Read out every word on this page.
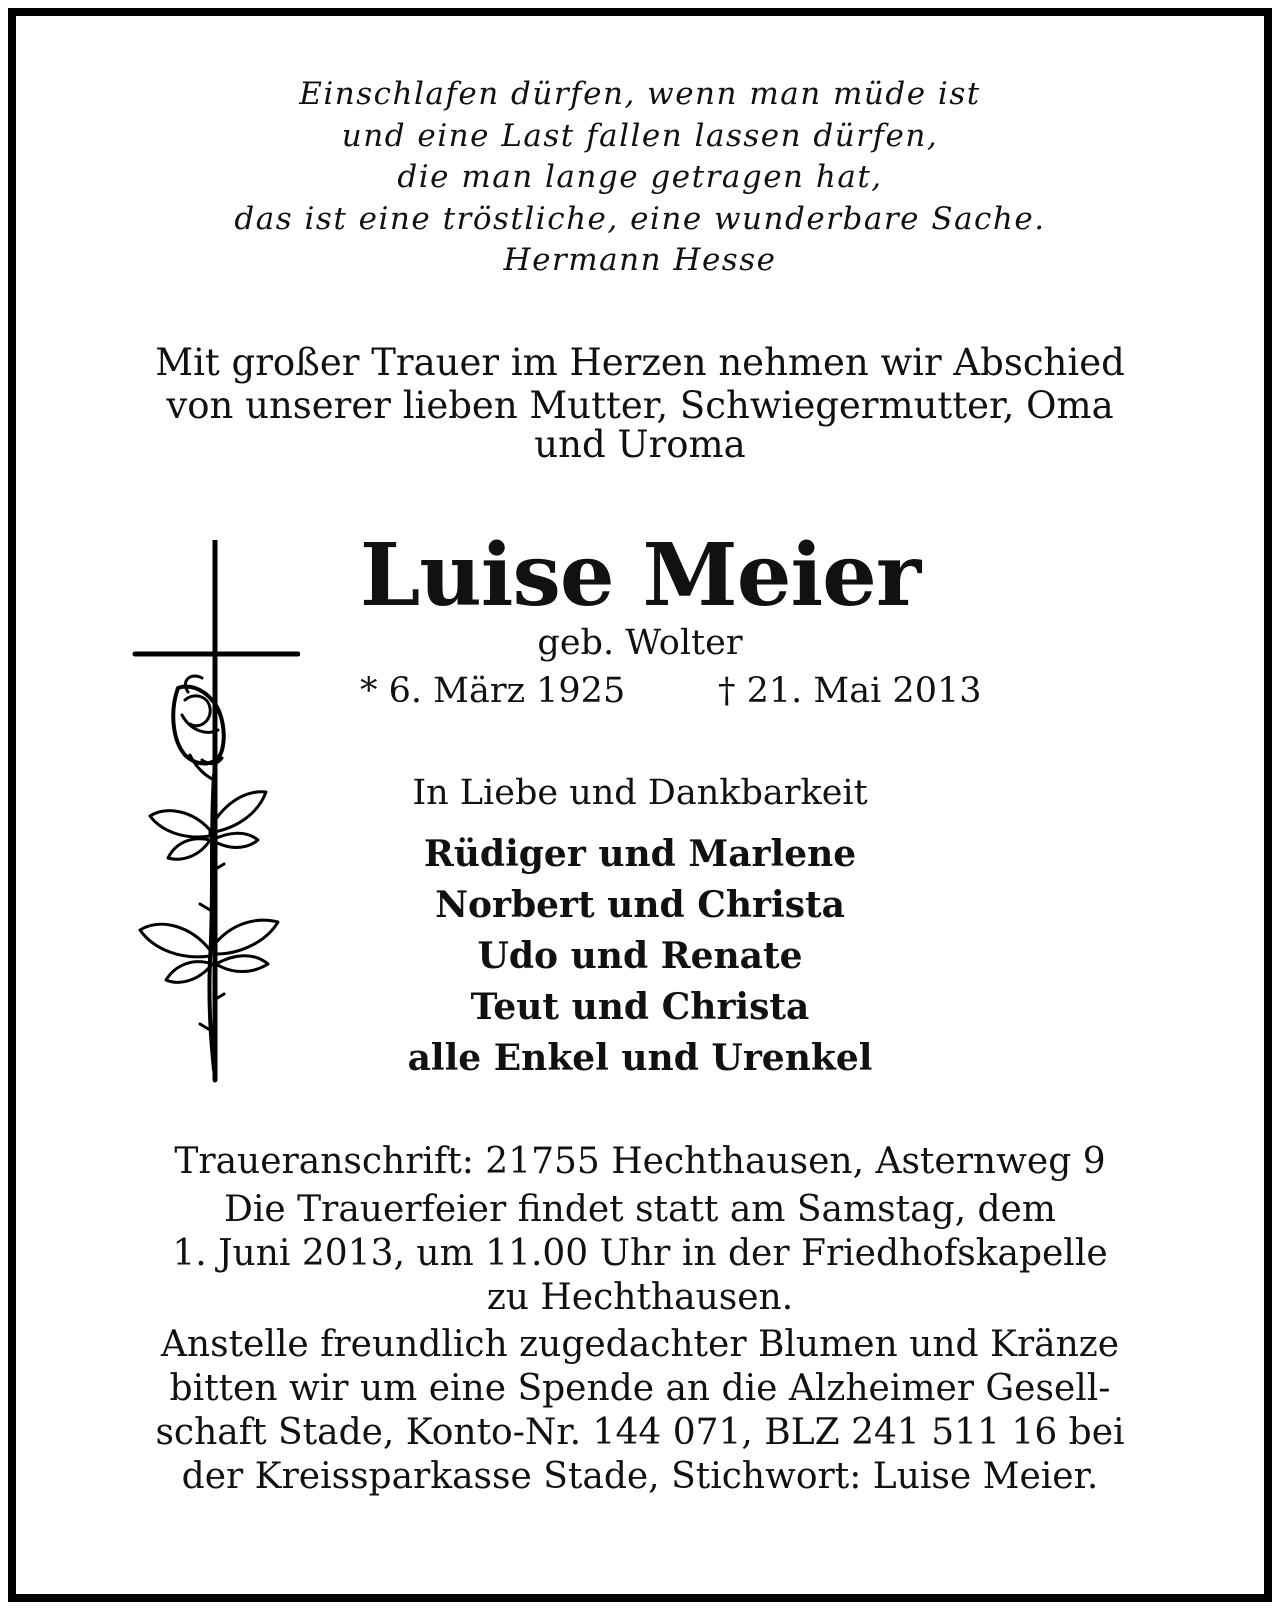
Einschlafen dürfen, wenn man müde ist
und eine Last fallen lassen dürfen,
die man lange getragen hat,
das ist eine tröstliche, eine wunderbare Sache.
Hermann Hesse
Mit großer Trauer im Herzen nehmen wir Abschied
von unserer lieben Mutter, Schwiegermutter, Oma
und Uroma
Luise Meier
geb. Wolter
* 6. März 1925	† 21. Mai 2013
In Liebe und Dankbarkeit
Rüdiger und Marlene
Norbert und Christa
Udo und Renate
Teut und Christa
alle Enkel und Urenkel
Traueranschrift: 21755 Hechthausen, Asternweg 9
Die Trauerfeier findet statt am Samstag, dem
1. Juni 2013, um 11.00 Uhr in der Friedhofskapelle
zu Hechthausen.
Anstelle freundlich zugedachter Blumen und Kränze
bitten wir um eine Spende an die Alzheimer Gesell-
schaft Stade, Konto-Nr. 144 071, BLZ 241 511 16 bei
der Kreissparkasse Stade, Stichwort: Luise Meier.
